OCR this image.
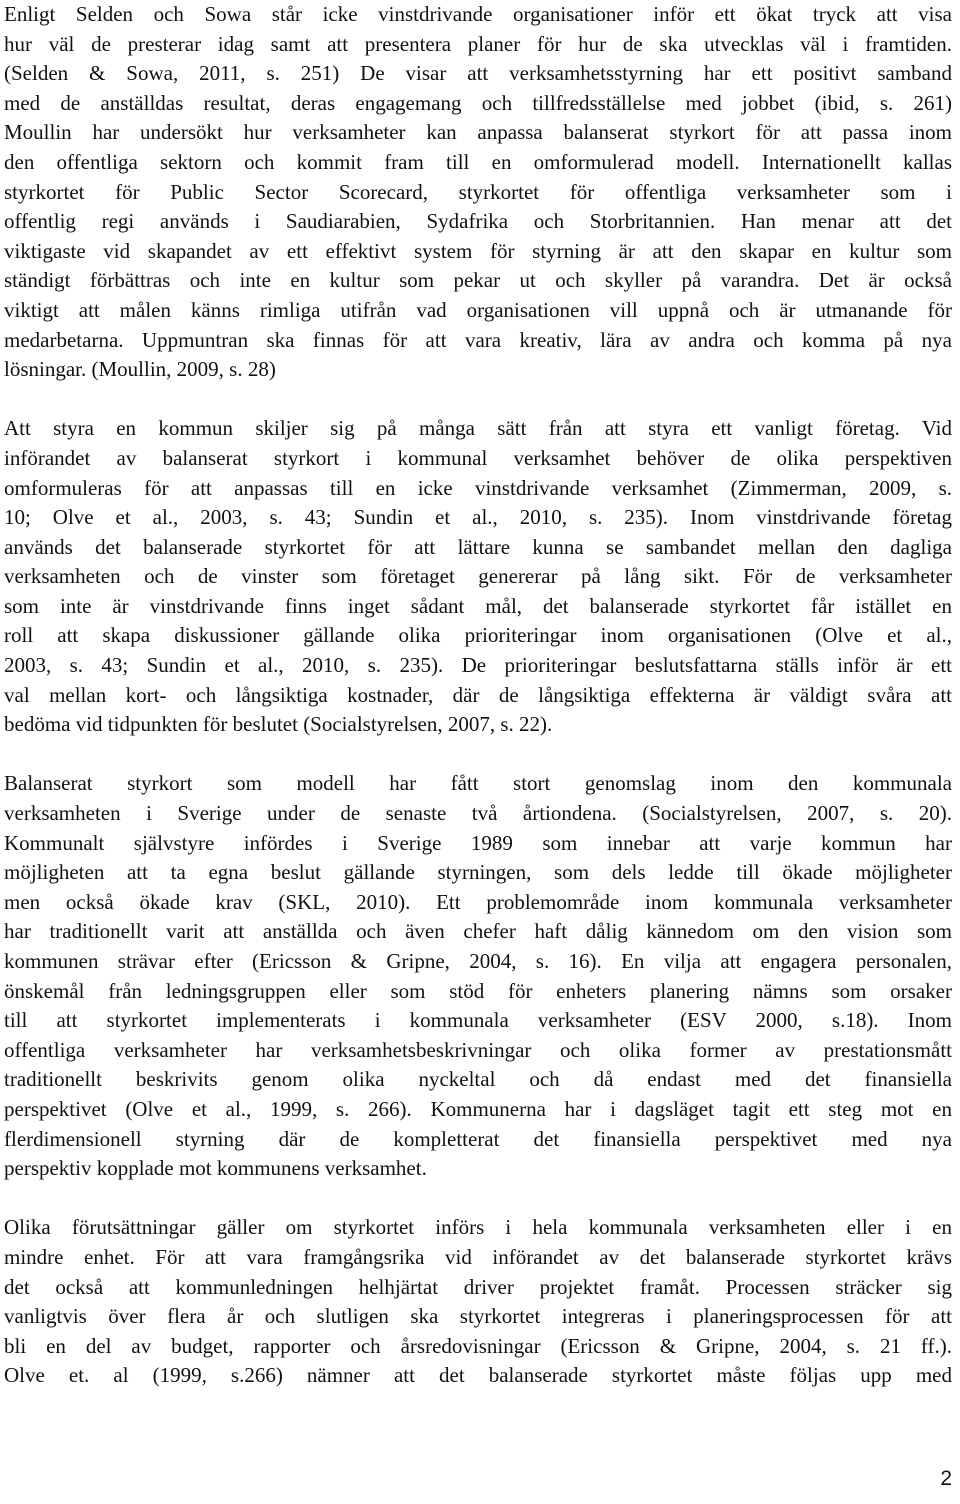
Enligt Selden och Sowa står icke vinstdrivande organisationer inför ett ökat tryck att visa
hur väl de presterar idag samt att presentera planer för hur de ska utvecklas väl i framtiden.
(Selden & Sowa, 2011, s. 251) De visar att verksamhetsstyrning har ett positivt samband
med de anställdas resultat, deras engagemang och tillfredsställelse med jobbet (ibid, s. 261)
Moullin har undersökt hur verksamheter kan anpassa balanserat styrkort för att passa inom
den offentliga sektorn och kommit fram till en omformulerad modell. Internationellt kallas
styrkortet för Public Sector Scorecard, styrkortet för offentliga verksamheter som i
offentlig regi används i Saudiarabien, Sydafrika och Storbritannien. Han menar att det
viktigaste vid skapandet av ett effektivt system för styrning är att den skapar en kultur som
ständigt förbättras och inte en kultur som pekar ut och skyller på varandra. Det är också
viktigt att målen känns rimliga utifrån vad organisationen vill uppnå och är utmanande för
medarbetarna. Uppmuntran ska finnas för att vara kreativ, lära av andra och komma på nya
lösningar. (Moullin, 2009, s. 28)
Att styra en kommun skiljer sig på många sätt från att styra ett vanligt företag. Vid
införandet av balanserat styrkort i kommunal verksamhet behöver de olika perspektiven
omformuleras för att anpassas till en icke vinstdrivande verksamhet (Zimmerman, 2009, s.
10; Olve et al., 2003, s. 43; Sundin et al., 2010, s. 235). Inom vinstdrivande företag
används det balanserade styrkortet för att lättare kunna se sambandet mellan den dagliga
verksamheten och de vinster som företaget genererar på lång sikt. För de verksamheter
som inte är vinstdrivande finns inget sådant mål, det balanserade styrkortet får istället en
roll att skapa diskussioner gällande olika prioriteringar inom organisationen (Olve et al.,
2003, s. 43; Sundin et al., 2010, s. 235). De prioriteringar beslutsfattarna ställs inför är ett
val mellan kort- och långsiktiga kostnader, där de långsiktiga effekterna är väldigt svåra att
bedöma vid tidpunkten för beslutet (Socialstyrelsen, 2007, s. 22).
Balanserat styrkort som modell har fått stort genomslag inom den kommunala
verksamheten i Sverige under de senaste två årtiondena. (Socialstyrelsen, 2007, s. 20).
Kommunalt självstyre infördes i Sverige 1989 som innebar att varje kommun har
möjligheten att ta egna beslut gällande styrningen, som dels ledde till ökade möjligheter
men också ökade krav (SKL, 2010). Ett problemområde inom kommunala verksamheter
har traditionellt varit att anställda och även chefer haft dålig kännedom om den vision som
kommunen strävar efter (Ericsson & Gripne, 2004, s. 16). En vilja att engagera personalen,
önskemål från ledningsgruppen eller som stöd för enheters planering nämns som orsaker
till att styrkortet implementerats i kommunala verksamheter (ESV 2000, s.18). Inom
offentliga verksamheter har verksamhetsbeskrivningar och olika former av prestationsmått
traditionellt beskrivits genom olika nyckeltal och då endast med det finansiella
perspektivet (Olve et al., 1999, s. 266). Kommunerna har i dagsläget tagit ett steg mot en
flerdimensionell styrning där de kompletterat det finansiella perspektivet med nya
perspektiv kopplade mot kommunens verksamhet.
Olika förutsättningar gäller om styrkortet införs i hela kommunala verksamheten eller i en
mindre enhet. För att vara framgångsrika vid införandet av det balanserade styrkortet krävs
det också att kommunledningen helhjärtat driver projektet framåt. Processen sträcker sig
vanligtvis över flera år och slutligen ska styrkortet integreras i planeringsprocessen för att
bli en del av budget, rapporter och årsredovisningar (Ericsson & Gripne, 2004, s. 21 ff.).
Olve et. al (1999, s.266) nämner att det balanserade styrkortet måste följas upp med
2
